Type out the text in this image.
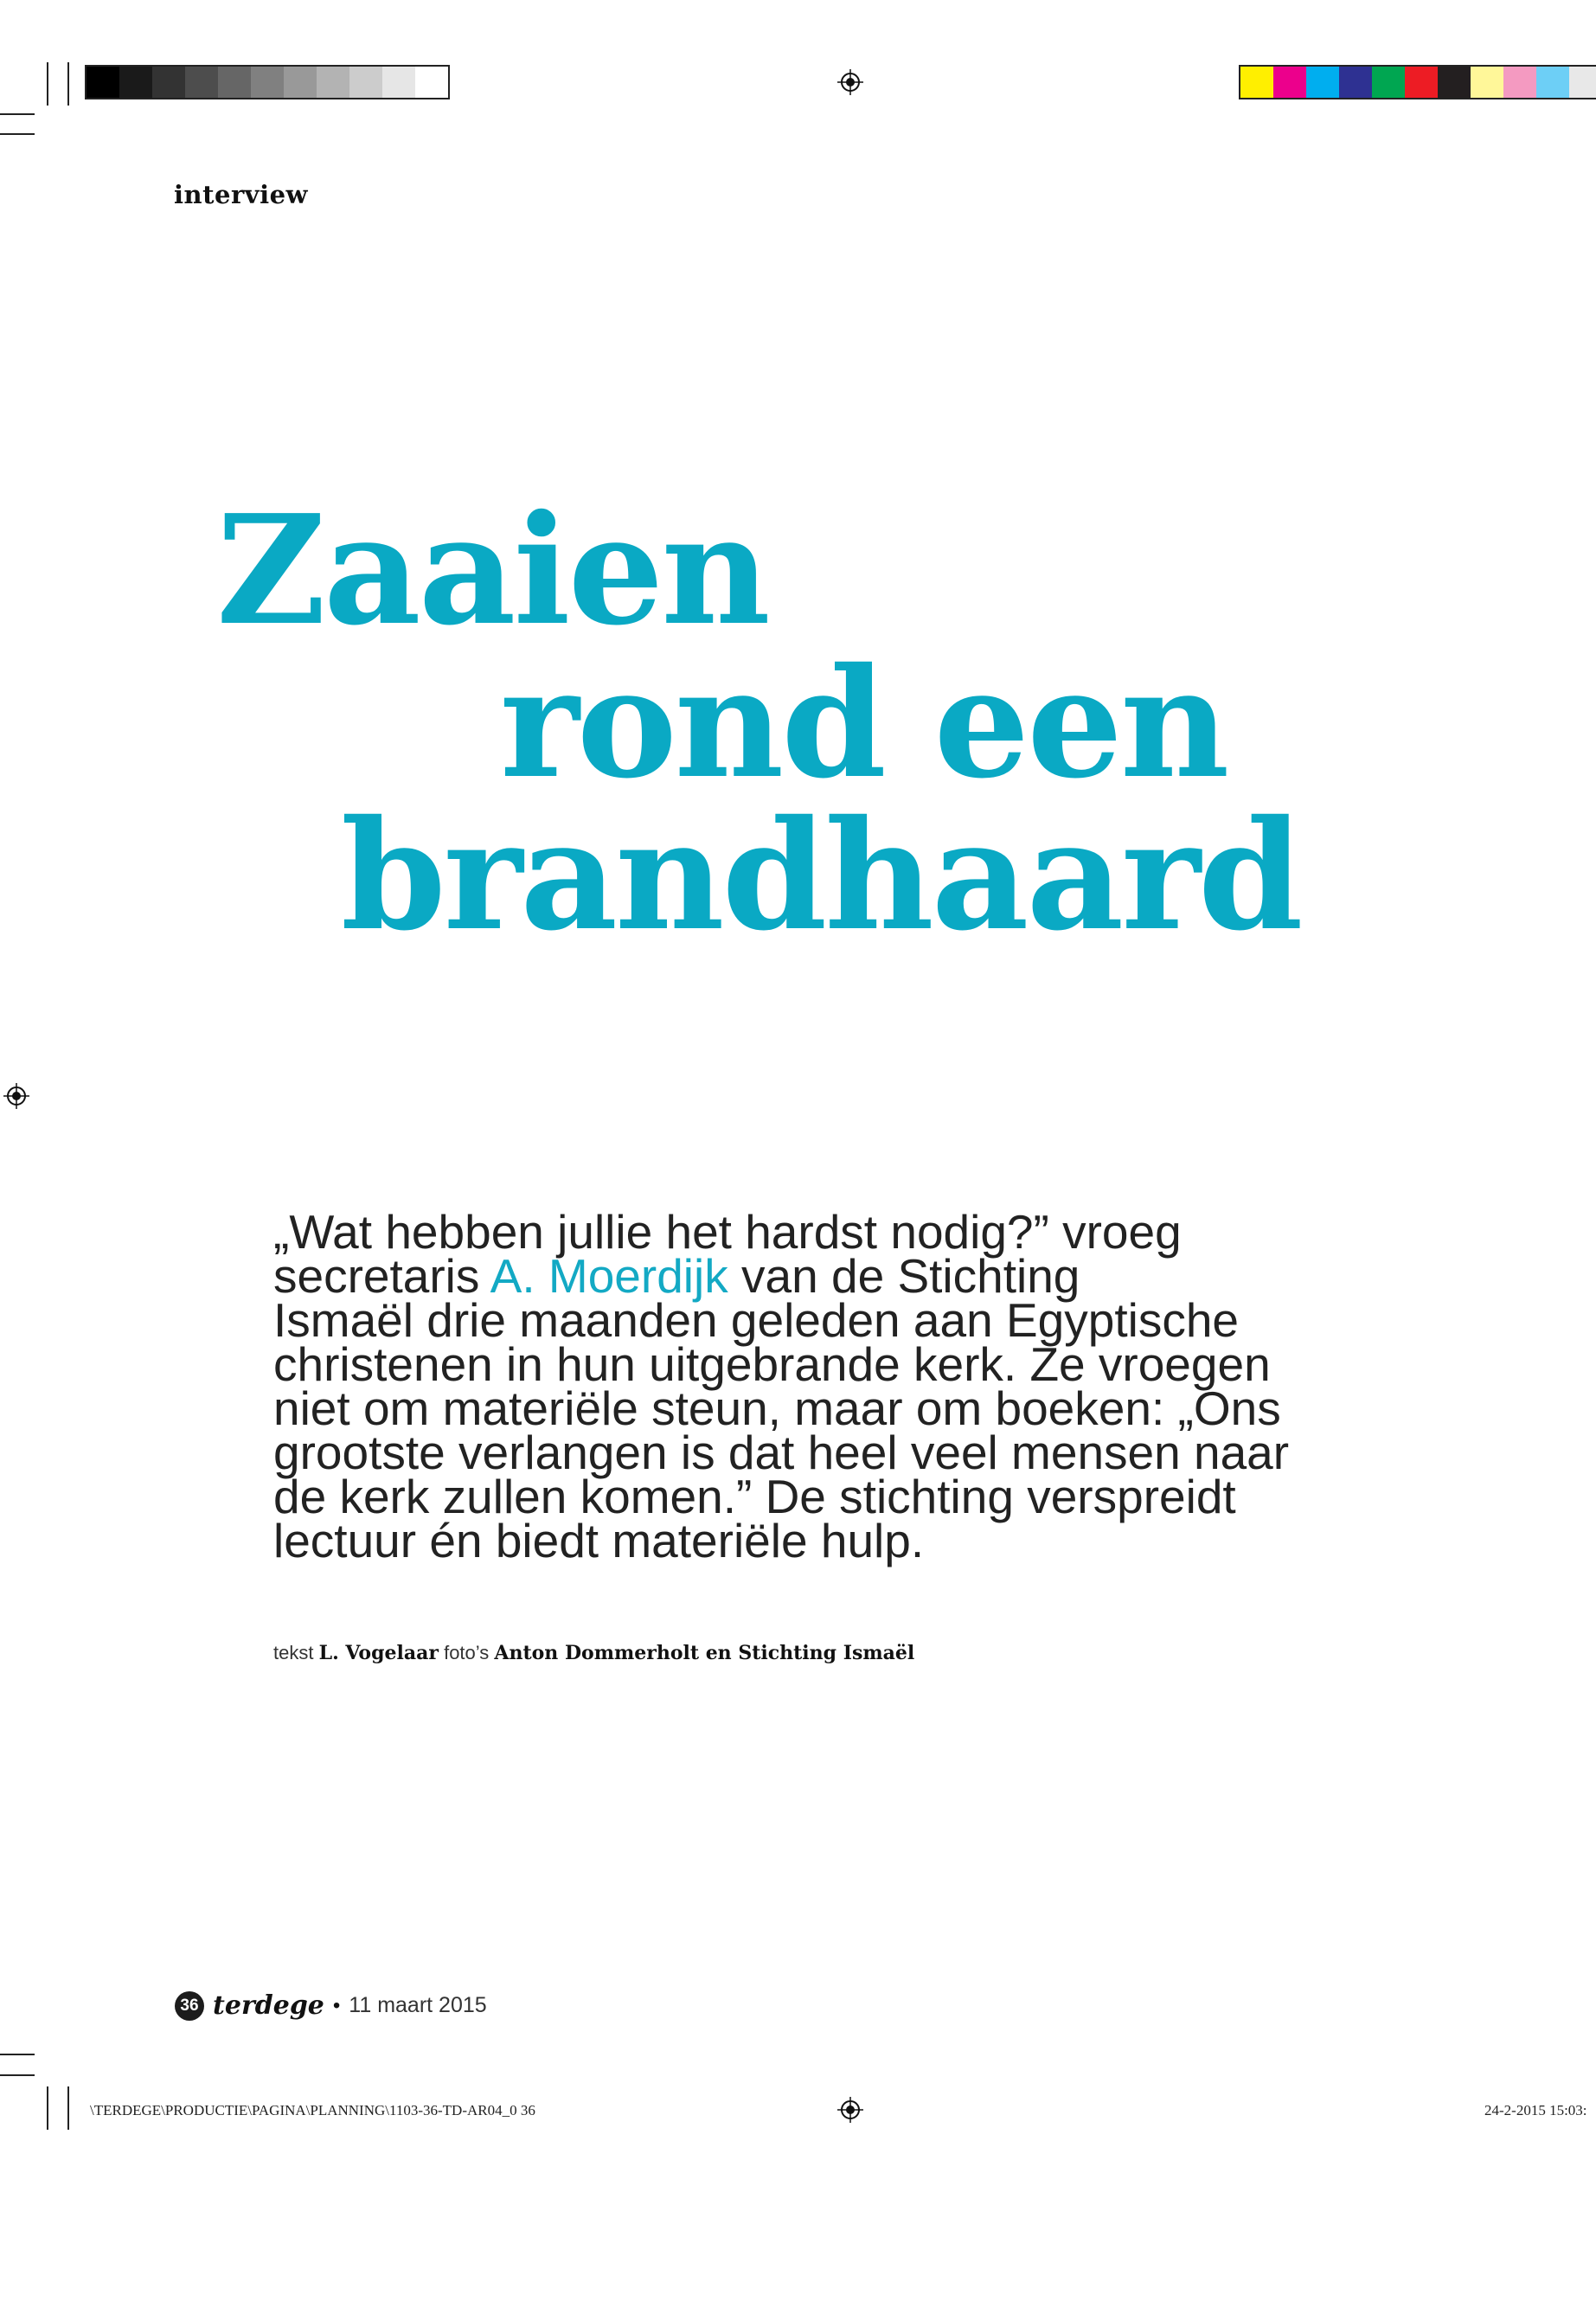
interview
Zaaien
rond een
brandhaard

„Wat hebben jullie het hardst nodig?” vroeg

secretaris A. Moerdijk van de Stichting

Ismaël drie maanden geleden aan Egyptische

christenen in hun uitgebrande kerk. Ze vroegen

niet om materiële steun, maar om boeken: „Ons

grootste verlangen is dat heel veel mensen naar

de kerk zullen komen.” De stichting verspreidt

lectuur én biedt materiële hulp.

tekst L. Vogelaar foto’s Anton Dommerholt en Stichting Ismaël
36 terdege • 11 maart 2015
\TERDEGE\PRODUCTIE\PAGINA\PLANNING\1103-36-TD-AR04_0 36	24-2-2015 15:03:
